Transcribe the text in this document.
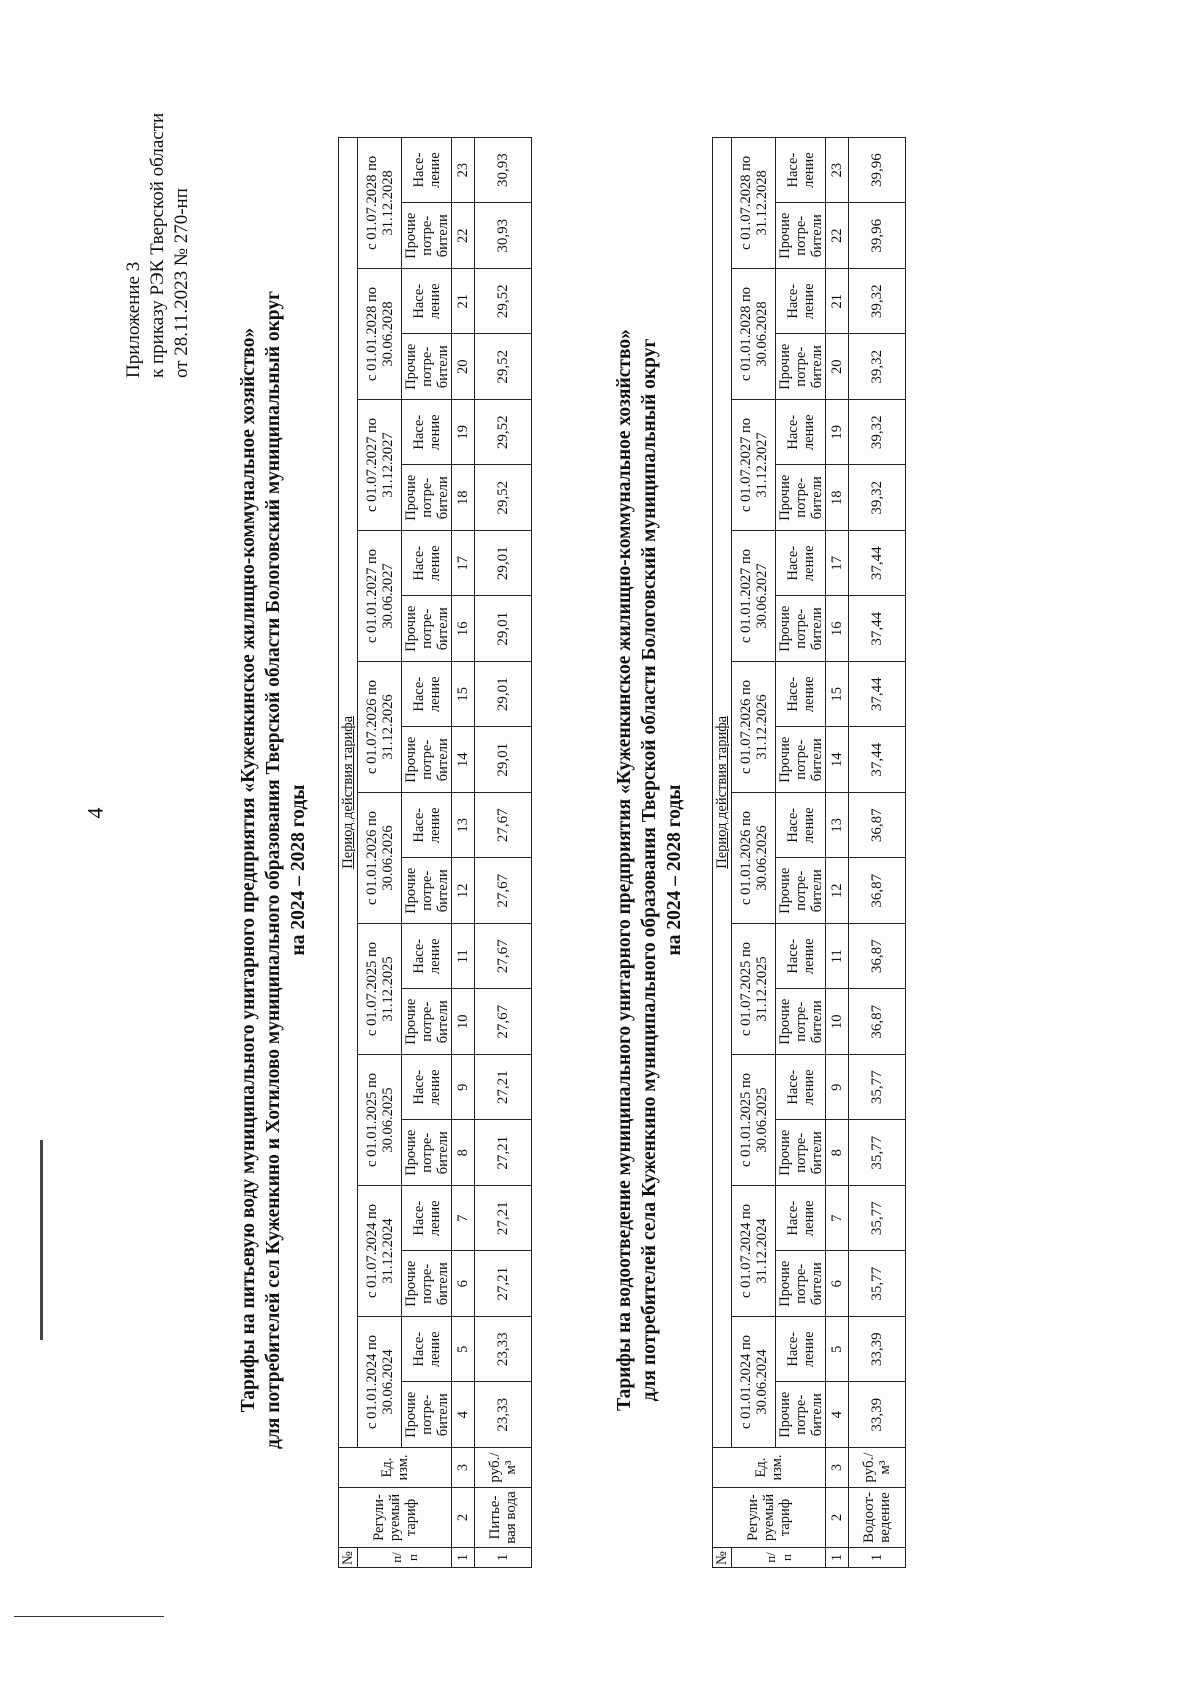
4
Приложение 3 к приказу РЭК Тверской области от 28.11.2023 № 270-нп
Тарифы на питьевую воду муниципального унитарного предприятия «Куженкинское жилищно-коммунальное хозяйство» для потребителей сел Куженкино и Хотилово муниципального образования Тверской области Бологовский муниципальный округ на 2024 – 2028 годы
№	Регули-руемый тариф	Ед. изм.	Период действия тарифа																			
п/п			с 01.01.2024 по 30.06.2024		с 01.07.2024 по 31.12.2024		с 01.01.2025 по 30.06.2025		с 01.07.2025 по 31.12.2025		с 01.01.2026 по 30.06.2026		с 01.07.2026 по 31.12.2026		с 01.01.2027 по 30.06.2027		с 01.07.2027 по 31.12.2027		с 01.01.2028 по 30.06.2028		с 01.07.2028 по 31.12.2028	
			Прочие потре-бители	Насе-ление	Прочие потре-бители	Насе-ление	Прочие потре-бители	Насе-ление	Прочие потре-бители	Насе-ление	Прочие потре-бители	Насе-ление	Прочие потре-бители	Насе-ление	Прочие потре-бители	Насе-ление	Прочие потре-бители	Насе-ление	Прочие потре-бители	Насе-ление	Прочие потре-бители	Насе-ление
1	2	3	4	5	6	7	8	9	10	11	12	13	14	15	16	17	18	19	20	21	22	23
1	Питье-вая вода	руб./м³	23,33	23,33	27,21	27,21	27,21	27,21	27,67	27,67	27,67	27,67	29,01	29,01	29,01	29,01	29,52	29,52	29,52	29,52	30,93	30,93
Тарифы на водоотведение муниципального унитарного предприятия «Куженкинское жилищно-коммунальное хозяйство» для потребителей села Куженкино муниципального образования Тверской области Бологовский муниципальный округ на 2024 – 2028 годы
№	Регули-руемый тариф	Ед. изм.	Период действия тарифа																			
п/п			с 01.01.2024 по 30.06.2024		с 01.07.2024 по 31.12.2024		с 01.01.2025 по 30.06.2025		с 01.07.2025 по 31.12.2025		с 01.01.2026 по 30.06.2026		с 01.07.2026 по 31.12.2026		с 01.01.2027 по 30.06.2027		с 01.07.2027 по 31.12.2027		с 01.01.2028 по 30.06.2028		с 01.07.2028 по 31.12.2028	
			Прочие потре-бители	Насе-ление	Прочие потре-бители	Насе-ление	Прочие потре-бители	Насе-ление	Прочие потре-бители	Насе-ление	Прочие потре-бители	Насе-ление	Прочие потре-бители	Насе-ление	Прочие потре-бители	Насе-ление	Прочие потре-бители	Насе-ление	Прочие потре-бители	Насе-ление	Прочие потре-бители	Насе-ление
1	2	3	4	5	6	7	8	9	10	11	12	13	14	15	16	17	18	19	20	21	22	23
1	Водоот-ведение	руб./м³	33,39	33,39	35,77	35,77	35,77	35,77	36,87	36,87	36,87	36,87	37,44	37,44	37,44	37,44	39,32	39,32	39,32	39,32	39,96	39,96
